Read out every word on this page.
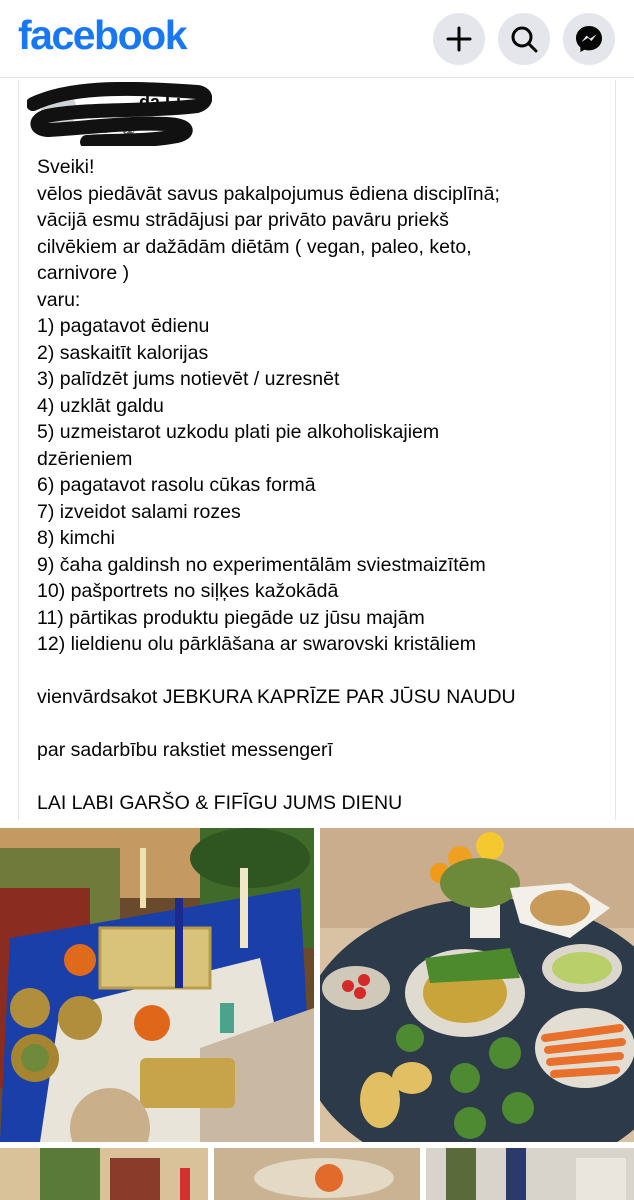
facebook
…da Li
4h ·
Sveiki!
vēlos piedāvāt savus pakalpojumus ēdiena disciplīnā;
vācijā esmu strādājusi par privāto pavāru priekš
cilvēkiem ar dažādām diētām ( vegan, paleo, keto,
carnivore )
varu:
1) pagatavot ēdienu
2) saskaitīt kalorijas
3) palīdzēt jums notievēt / uzresnēt
4) uzklāt galdu
5) uzmeistarot uzkodu plati pie alkoholiskajiem
dzērieniem
6) pagatavot rasolu cūkas formā
7) izveidot salami rozes
8) kimchi
9) čaha galdinsh no experimentālām sviestmaizītēm
10) pašportrets no siļķes kažokādā
11) pārtikas produktu piegāde uz jūsu majām
12) lieldienu olu pārklāšana ar swarovski kristāliem
vienvārdsakot JEBKURA KAPRĪZE PAR JŪSU NAUDU
par sadarbību rakstiet messengerī
LAI LABI GARŠO & FIFĪGU JUMS DIENU
